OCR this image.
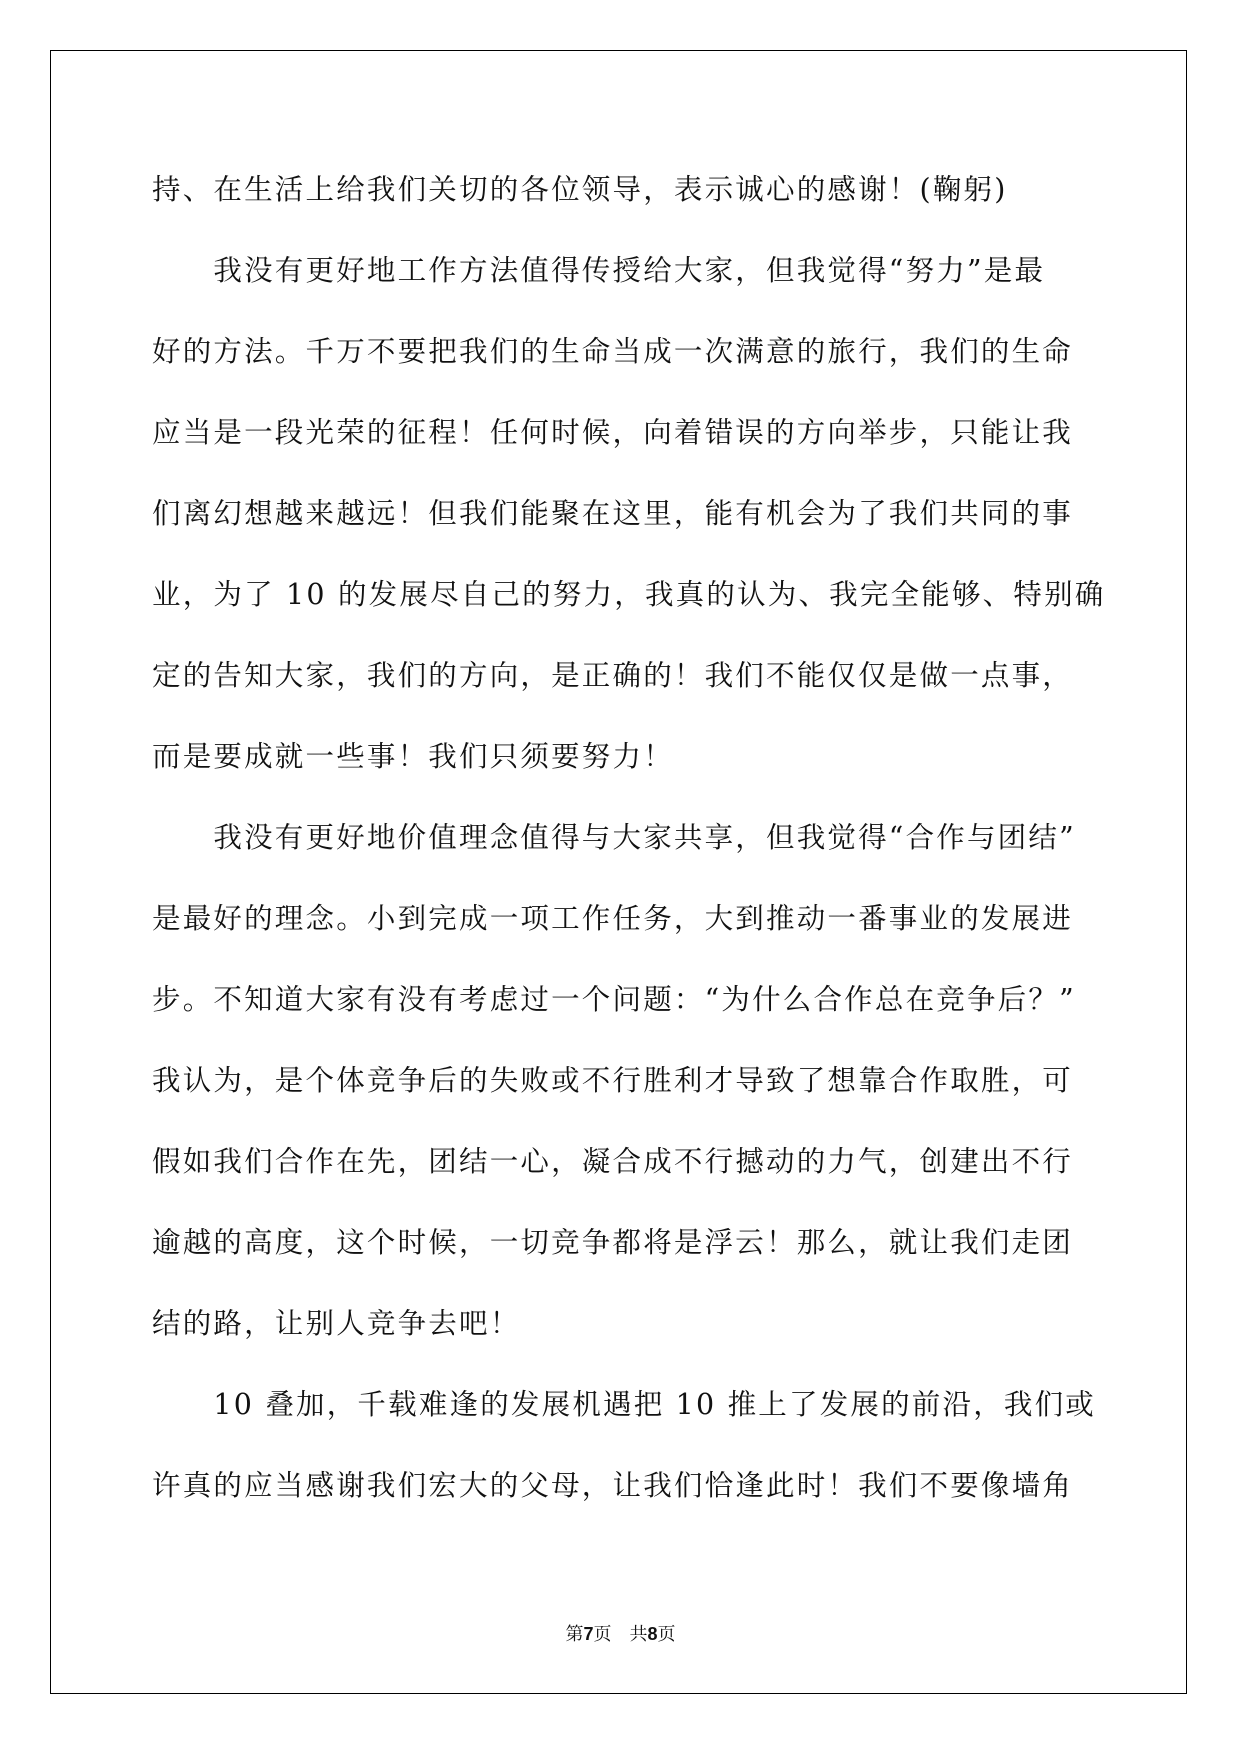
持、在生活上给我们关切的各位领导，表示诚心的感谢！(鞠躬)
　　我没有更好地工作方法值得传授给大家，但我觉得“努力”是最
好的方法。千万不要把我们的生命当成一次满意的旅行，我们的生命
应当是一段光荣的征程！任何时候，向着错误的方向举步，只能让我
们离幻想越来越远！但我们能聚在这里，能有机会为了我们共同的事
业，为了 10 的发展尽自己的努力，我真的认为、我完全能够、特别确
定的告知大家，我们的方向，是正确的！我们不能仅仅是做一点事，
而是要成就一些事！我们只须要努力！
　　我没有更好地价值理念值得与大家共享，但我觉得“合作与团结”
是最好的理念。小到完成一项工作任务，大到推动一番事业的发展进
步。不知道大家有没有考虑过一个问题：“为什么合作总在竞争后？”
我认为，是个体竞争后的失败或不行胜利才导致了想靠合作取胜，可
假如我们合作在先，团结一心，凝合成不行撼动的力气，创建出不行
逾越的高度，这个时候，一切竞争都将是浮云！那么，就让我们走团
结的路，让别人竞争去吧！
　　10 叠加，千载难逢的发展机遇把 10 推上了发展的前沿，我们或
许真的应当感谢我们宏大的父母，让我们恰逢此时！我们不要像墙角
第7页　共8页
